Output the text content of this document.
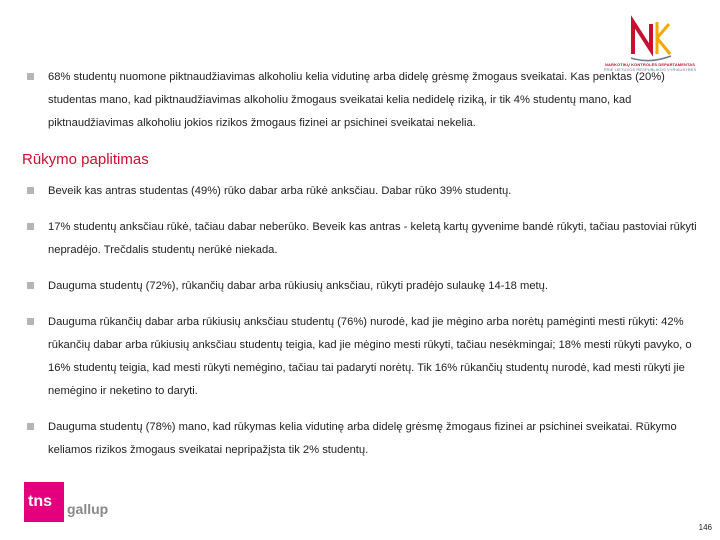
NARKOTIKŲ KONTROLĖS DEPARTAMENTAS
PRIE LIETUVOS RESPUBLIKOS VYRIAUSYBĖS
68% studentų nuomone piktnaudžiavimas alkoholiu kelia vidutinę arba didelę grėsmę žmogaus sveikatai. Kas penktas (20%) studentas mano, kad piktnaudžiavimas alkoholiu žmogaus sveikatai kelia nedidelę riziką, ir tik 4% studentų mano, kad piktnaudžiavimas alkoholiu jokios rizikos žmogaus fizinei ar psichinei sveikatai nekelia.
Rūkymo paplitimas
Beveik kas antras studentas (49%) rūko dabar arba rūkė anksčiau. Dabar rūko 39% studentų.
17% studentų anksčiau rūkė, tačiau dabar neberūko. Beveik kas antras - keletą kartų gyvenime bandė rūkyti, tačiau pastoviai rūkyti nepradėjo. Trečdalis studentų nerūkė niekada.
Dauguma studentų (72%), rūkančių dabar arba rūkiusių anksčiau, rūkyti pradėjo sulaukę 14-18 metų.
Dauguma rūkančių dabar arba rūkiusių anksčiau studentų (76%) nurodė, kad jie mėgino arba norėtų pamėginti mesti rūkyti: 42% rūkančių dabar arba rūkiusių anksčiau studentų teigia, kad jie mėgino mesti rūkyti, tačiau nesėkmingai; 18% mesti rūkyti pavyko, o 16% studentų teigia, kad mesti rūkyti nemėgino, tačiau tai padaryti norėtų. Tik 16% rūkančių studentų nurodė, kad mesti rūkyti jie nemėgino ir neketino to daryti.
Dauguma studentų (78%) mano, kad rūkymas kelia vidutinę arba didelę grėsmę žmogaus fizinei ar psichinei sveikatai. Rūkymo keliamos rizikos žmogaus sveikatai nepripažįsta tik 2% studentų.
tns gallup
146
